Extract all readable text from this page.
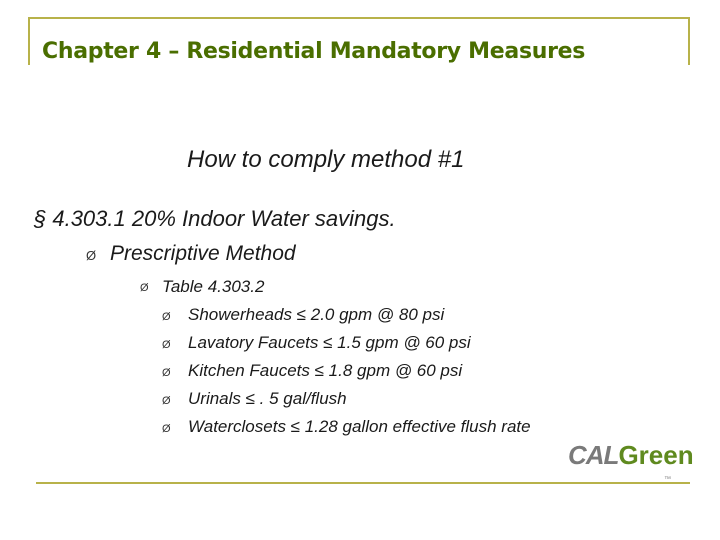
Chapter 4 – Residential Mandatory Measures
How to comply method #1
§ 4.303.1 20% Indoor Water savings.
Ø Prescriptive Method
Ø Table 4.303.2
Ø Showerheads ≤ 2.0 gpm @ 80 psi
Ø Lavatory Faucets ≤ 1.5 gpm @ 60 psi
Ø Kitchen Faucets ≤ 1.8 gpm @ 60 psi
Ø Urinals ≤ . 5 gal/flush
Ø Waterclosets ≤ 1.28 gallon effective flush rate
CALGreen
™
